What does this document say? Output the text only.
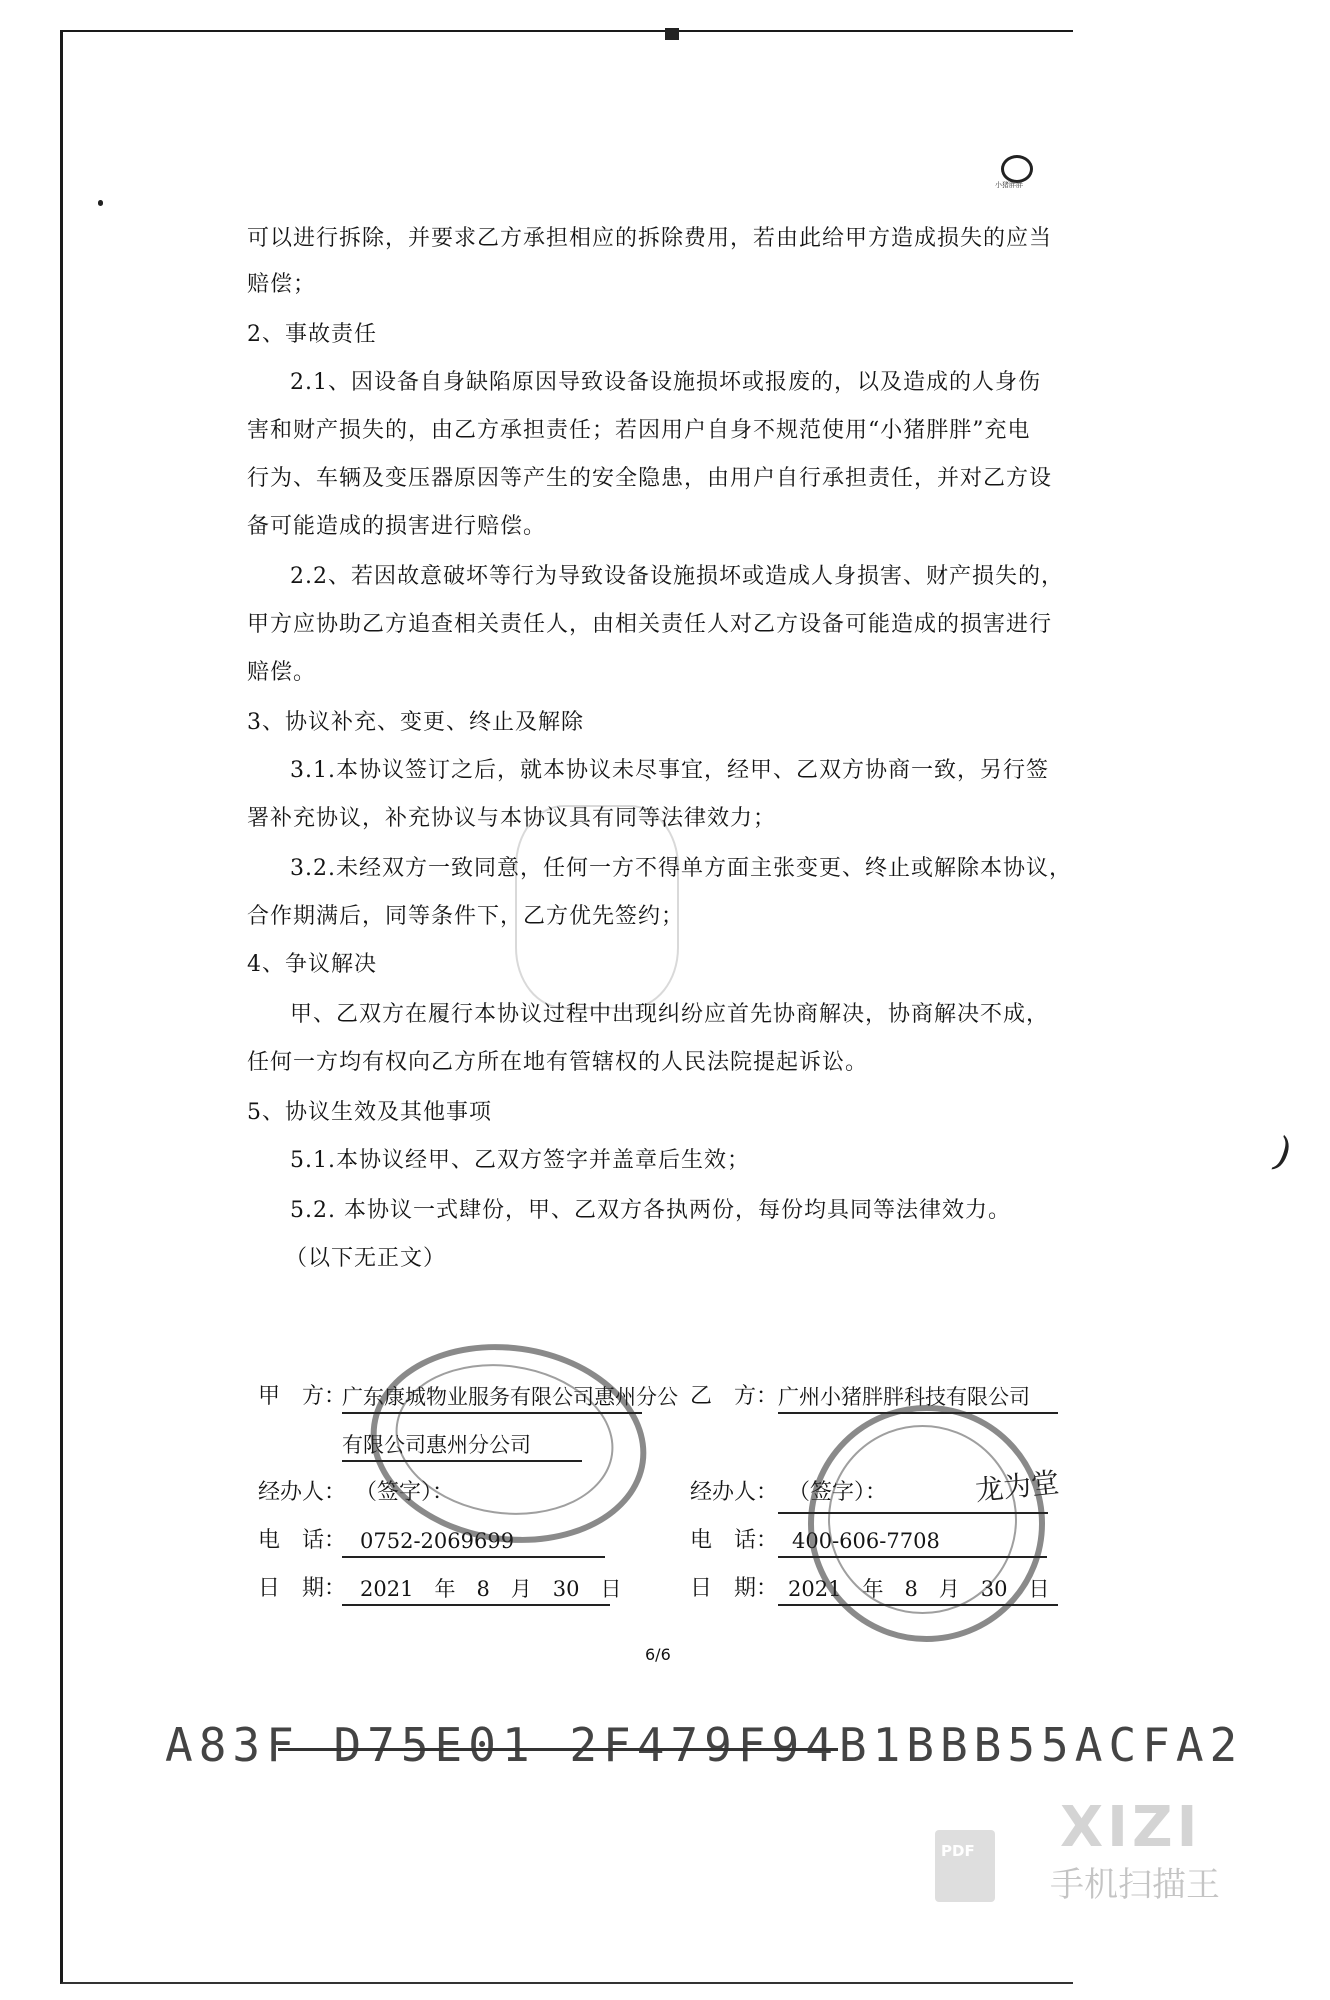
小猪胖胖
可以进行拆除，并要求乙方承担相应的拆除费用，若由此给甲方造成损失的应当
赔偿；
2、事故责任
2.1、因设备自身缺陷原因导致设备设施损坏或报废的，以及造成的人身伤
害和财产损失的，由乙方承担责任；若因用户自身不规范使用“小猪胖胖”充电
行为、车辆及变压器原因等产生的安全隐患，由用户自行承担责任，并对乙方设
备可能造成的损害进行赔偿。
2.2、若因故意破坏等行为导致设备设施损坏或造成人身损害、财产损失的，
甲方应协助乙方追查相关责任人，由相关责任人对乙方设备可能造成的损害进行
赔偿。
3、协议补充、变更、终止及解除
3.1.本协议签订之后，就本协议未尽事宜，经甲、乙双方协商一致，另行签
署补充协议，补充协议与本协议具有同等法律效力；
3.2.未经双方一致同意，任何一方不得单方面主张变更、终止或解除本协议，
合作期满后，同等条件下，乙方优先签约；
4、争议解决
甲、乙双方在履行本协议过程中出现纠纷应首先协商解决，协商解决不成，
任何一方均有权向乙方所在地有管辖权的人民法院提起诉讼。
5、协议生效及其他事项
5.1.本协议经甲、乙双方签字并盖章后生效；
5.2. 本协议一式肆份，甲、乙双方各执两份，每份均具同等法律效力。
（以下无正文）
甲　方：
广东康城物业服务有限公司惠州分公
有限公司惠州分公司
经办人： （签字）：
电　话： 0752-2069699
日　期： 2021　年　8　月　30　日
乙　方： 广州小猪胖胖科技有限公司
经办人： （签字）：	龙为堂
电　话： 400-606-7708
日　期： 2021　年　8　月　30　日
6/6
A83F D75E01 2F479F94B1BBB55ACFA2
)
PDF XIZI
手机扫描王
